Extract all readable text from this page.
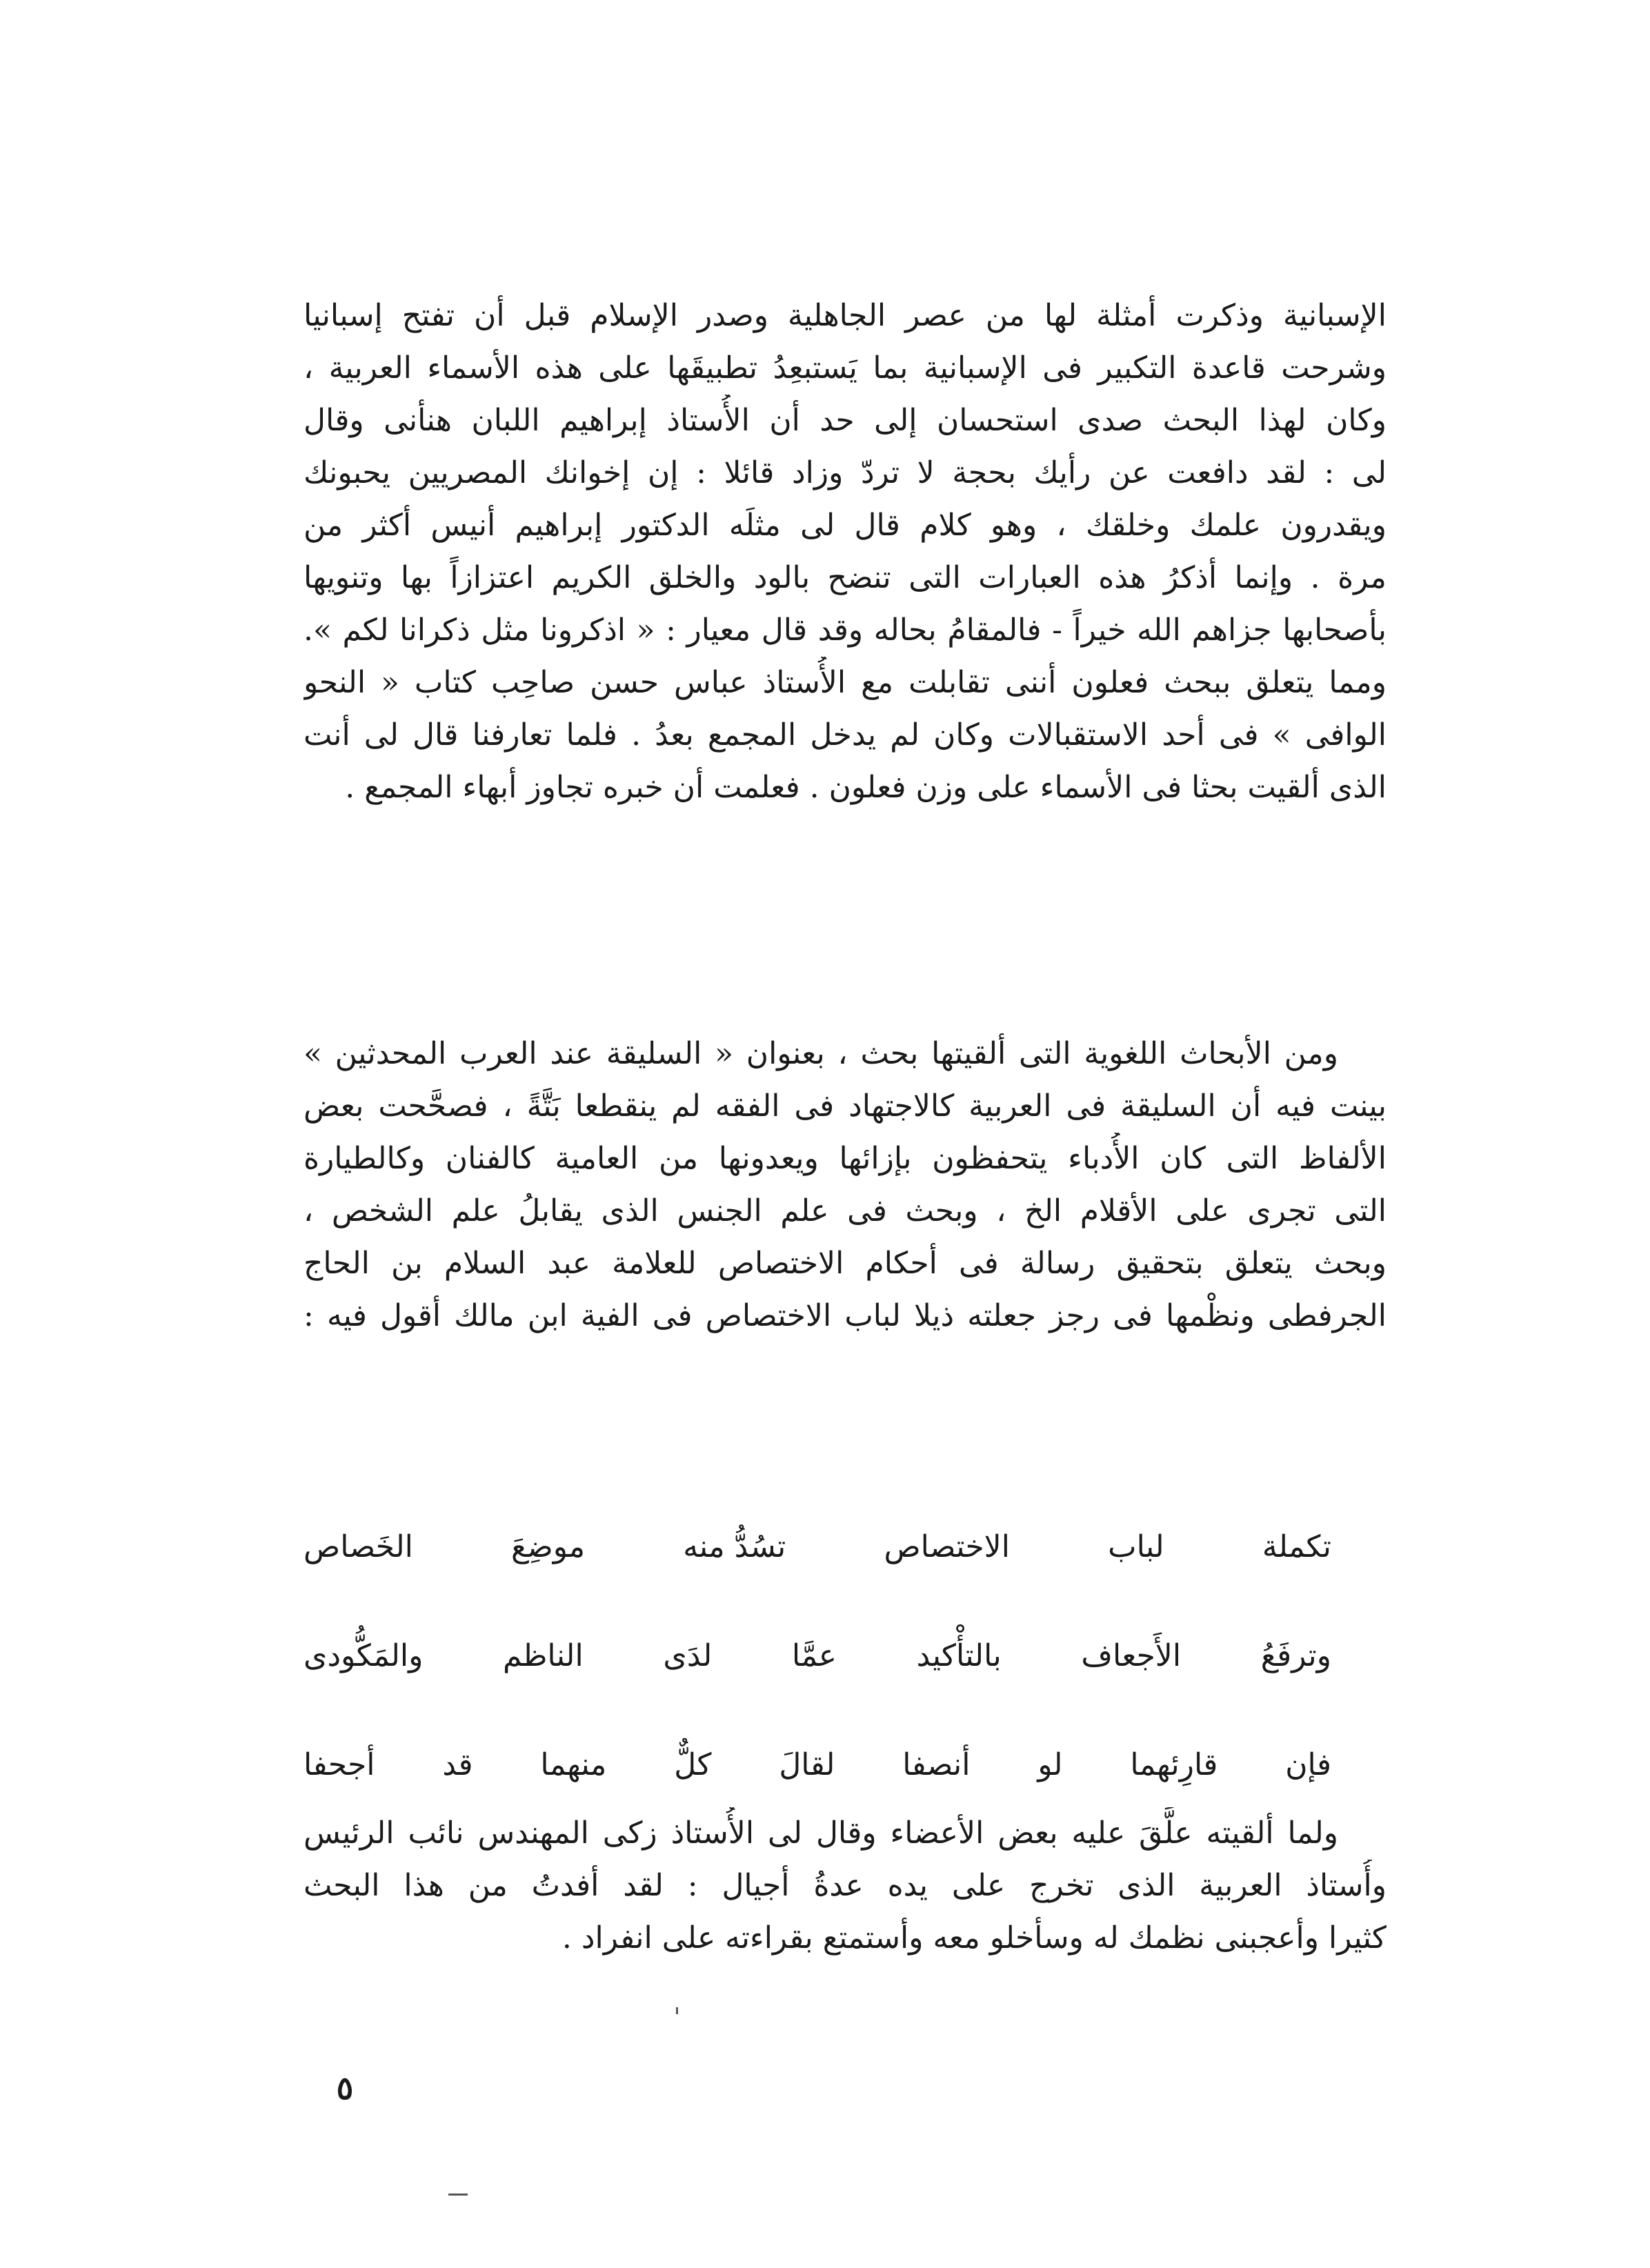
الإسبانية وذكرت أمثلة لها من عصر الجاهلية وصدر الإسلام قبل أن تفتح إسبانيا
وشرحت قاعدة التكبير فى الإسبانية بما يَستبعِدُ تطبيقَها على هذه الأسماء العربية ،
وكان لهذا البحث صدى استحسان إلى حد أن الأُستاذ إبراهيم اللبان هنأنى وقال
لى : لقد دافعت عن رأيك بحجة لا تردّ وزاد قائلا : إن إخوانك المصريين يحبونك
ويقدرون علمك وخلقك ، وهو كلام قال لى مثلَه الدكتور إبراهيم أنيس أكثر من
مرة . وإنما أذكرُ هذه العبارات التى تنضح بالود والخلق الكريم اعتزازاً بها وتنويها
بأصحابها جزاهم الله خيراً - فالمقامُ بحاله وقد قال معيار : « اذكرونا مثل ذكرانا لكم ».
ومما يتعلق ببحث فعلون أننى تقابلت مع الأُستاذ عباس حسن صاحِب كتاب « النحو
الوافى » فى أحد الاستقبالات وكان لم يدخل المجمع بعدُ . فلما تعارفنا قال لى أنت
الذى ألقيت بحثا فى الأسماء على وزن فعلون . فعلمت أن خبره تجاوز أبهاء المجمع .
ومن الأبحاث اللغوية التى ألقيتها بحث ، بعنوان « السليقة عند العرب المحدثين »
بينت فيه أن السليقة فى العربية كالاجتهاد فى الفقه لم ينقطعا بَتَّةً ، فصحَّحت بعض
الألفاظ التى كان الأُدباء يتحفظون بإزائها ويعدونها من العامية كالفنان وكالطيارة
التى تجرى على الأقلام الخ ، وبحث فى علم الجنس الذى يقابلُ علم الشخص ،
وبحث يتعلق بتحقيق رسالة فى أحكام الاختصاص للعلامة عبد السلام بن الحاج
الجرفطى ونظْمها فى رجز جعلته ذيلا لباب الاختصاص فى الفية ابن مالك أقول فيه :
تكملة
لباب
الاختصاص
تسُدُّ منه
موضِعَ
الخَصاص
وترفَعُ
الأَجعاف
بالتأْكيد
عمَّا
لدَى
الناظم
والمَكُّودى
فإن
قارِئهما
لو
أنصفا
لقالَ
كلٌّ
منهما
قد
أجحفا
ولما ألقيته علَّقَ عليه بعض الأعضاء وقال لى الأُستاذ زكى المهندس نائب الرئيس
وأُستاذ العربية الذى تخرج على يده عدةُ أجيال : لقد أفدتُ من هذا البحث
كثيرا وأعجبنى نظمك له وسأخلو معه وأستمتع بقراءته على انفراد .
٥
